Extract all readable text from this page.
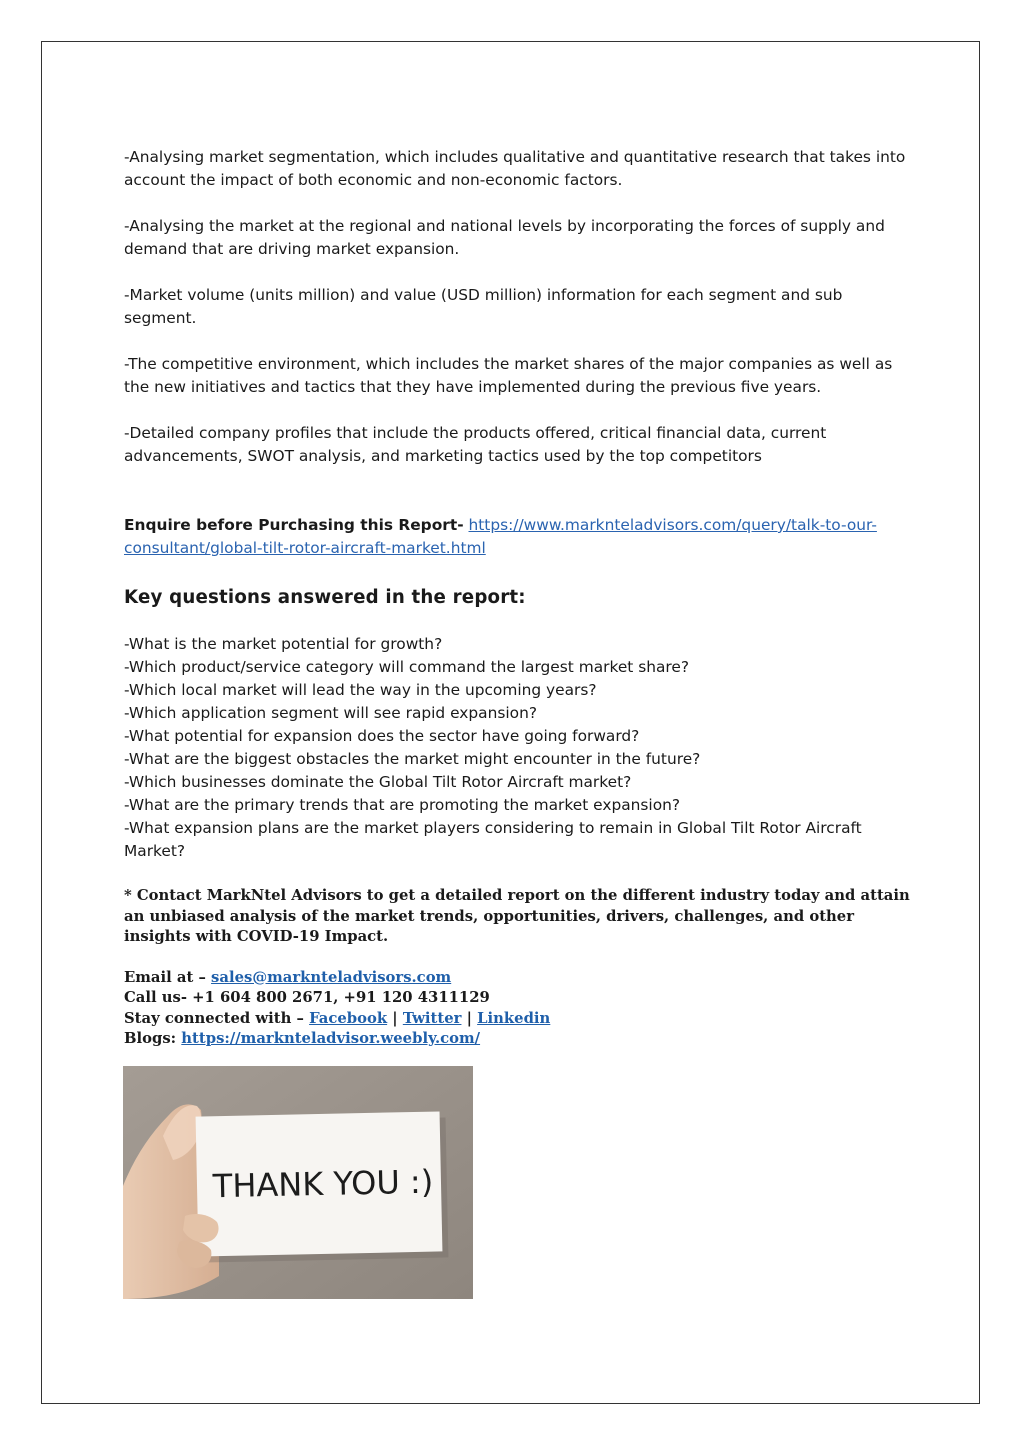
-Analysing market segmentation, which includes qualitative and quantitative research that takes into account the impact of both economic and non-economic factors.

-Analysing the market at the regional and national levels by incorporating the forces of supply and demand that are driving market expansion.

-Market volume (units million) and value (USD million) information for each segment and sub segment.

-The competitive environment, which includes the market shares of the major companies as well as the new initiatives and tactics that they have implemented during the previous five years.

-Detailed company profiles that include the products offered, critical financial data, current advancements, SWOT analysis, and marketing tactics used by the top competitors

Enquire before Purchasing this Report- https://www.marknteladvisors.com/query/talk-to-our-consultant/global-tilt-rotor-aircraft-market.html
Key questions answered in the report:
-What is the market potential for growth?
-Which product/service category will command the largest market share?
-Which local market will lead the way in the upcoming years?
-Which application segment will see rapid expansion?
-What potential for expansion does the sector have going forward?
-What are the biggest obstacles the market might encounter in the future?
-Which businesses dominate the Global Tilt Rotor Aircraft market?
-What are the primary trends that are promoting the market expansion?
-What expansion plans are the market players considering to remain in Global Tilt Rotor Aircraft Market?
* Contact MarkNtel Advisors to get a detailed report on the different industry today and attain an unbiased analysis of the market trends, opportunities, drivers, challenges, and other insights with COVID-19 Impact.
Email at – sales@marknteladvisors.com
Call us- +1 604 800 2671, +91 120 4311129
Stay connected with – Facebook | Twitter | Linkedin
Blogs: https://marknteladvisor.weebly.com/
THANK YOU :)
